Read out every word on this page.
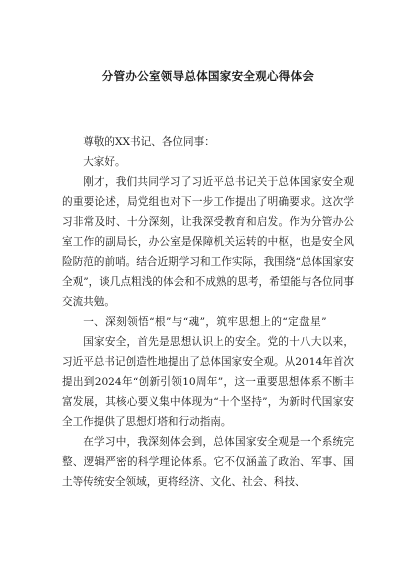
分管办公室领导总体国家安全观心得体会

尊敬的XX书记、各位同事：

大家好。

刚才，我们共同学习了习近平总书记关于总体国家安全观的重要论述，局党组也对下一步工作提出了明确要求。这次学习非常及时、十分深刻，让我深受教育和启发。作为分管办公室工作的副局长，办公室是保障机关运转的中枢，也是安全风险防范的前哨。结合近期学习和工作实际，我围绕“总体国家安全观”，谈几点粗浅的体会和不成熟的思考，希望能与各位同事交流共勉。

一、深刻领悟“根”与“魂”，筑牢思想上的“定盘星”

国家安全，首先是思想认识上的安全。党的十八大以来，习近平总书记创造性地提出了总体国家安全观。从2014年首次提出到2024年“创新引领10周年”，这一重要思想体系不断丰富发展，其核心要义集中体现为“十个坚持”，为新时代国家安全工作提供了思想灯塔和行动指南。

在学习中，我深刻体会到，总体国家安全观是一个系统完整、逻辑严密的科学理论体系。它不仅涵盖了政治、军事、国土等传统安全领域，更将经济、文化、社会、科技、
